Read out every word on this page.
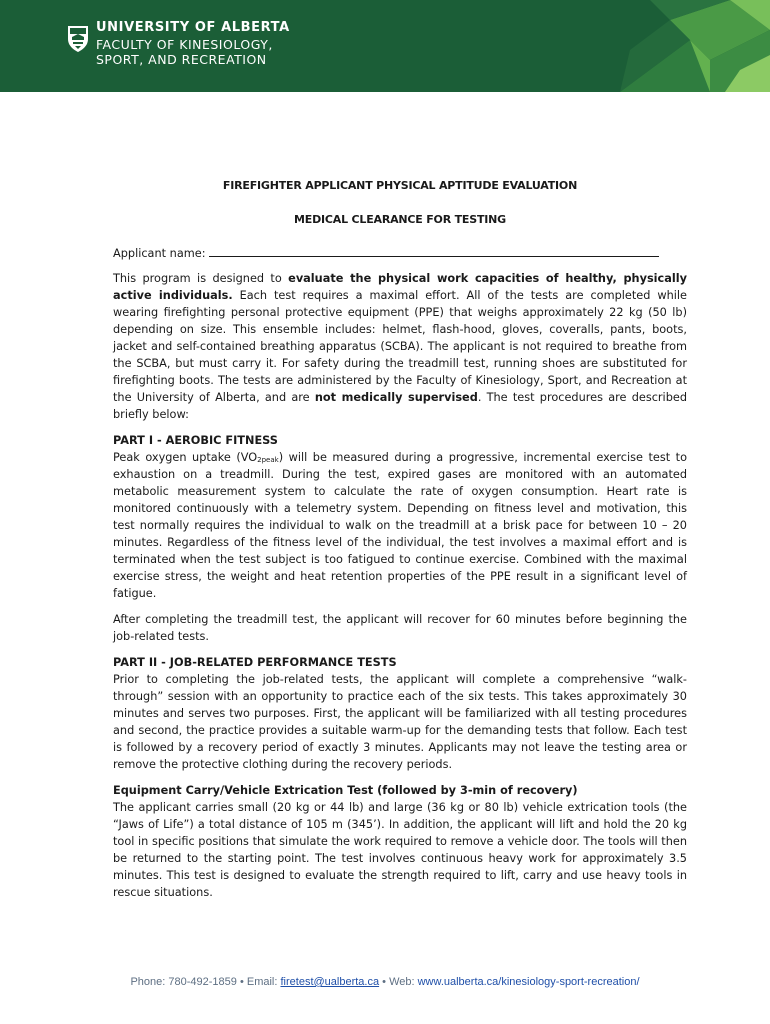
UNIVERSITY OF ALBERTA
FACULTY OF KINESIOLOGY,
SPORT, AND RECREATION
FIREFIGHTER APPLICANT PHYSICAL APTITUDE EVALUATION
MEDICAL CLEARANCE FOR TESTING
Applicant name:

This program is designed to evaluate the physical work capacities of healthy, physically active individuals. Each test requires a maximal effort. All of the tests are completed while wearing firefighting personal protective equipment (PPE) that weighs approximately 22 kg (50 lb) depending on size. This ensemble includes: helmet, flash-hood, gloves, coveralls, pants, boots, jacket and self-contained breathing apparatus (SCBA). The applicant is not required to breathe from the SCBA, but must carry it. For safety during the treadmill test, running shoes are substituted for firefighting boots. The tests are administered by the Faculty of Kinesiology, Sport, and Recreation at the University of Alberta, and are not medically supervised. The test procedures are described briefly below:

PART I - AEROBIC FITNESS

Peak oxygen uptake $(VO_{2peak})$ will be measured during a progressive, incremental exercise test to exhaustion on a treadmill. During the test, expired gases are monitored with an automated metabolic measurement system to calculate the rate of oxygen consumption. Heart rate is monitored continuously with a telemetry system. Depending on fitness level and motivation, this test normally requires the individual to walk on the treadmill at a brisk pace for between 10 – 20 minutes. Regardless of the fitness level of the individual, the test involves a maximal effort and is terminated when the test subject is too fatigued to continue exercise. Combined with the maximal exercise stress, the weight and heat retention properties of the PPE result in a significant level of fatigue.

After completing the treadmill test, the applicant will recover for 60 minutes before beginning the job-related tests.

PART II - JOB-RELATED PERFORMANCE TESTS

Prior to completing the job-related tests, the applicant will complete a comprehensive “walk-through” session with an opportunity to practice each of the six tests. This takes approximately 30 minutes and serves two purposes. First, the applicant will be familiarized with all testing procedures and second, the practice provides a suitable warm-up for the demanding tests that follow. Each test is followed by a recovery period of exactly 3 minutes. Applicants may not leave the testing area or remove the protective clothing during the recovery periods.

Equipment Carry/Vehicle Extrication Test (followed by 3-min of recovery)

The applicant carries small (20 kg or 44 lb) and large (36 kg or 80 lb) vehicle extrication tools (the “Jaws of Life”) a total distance of 105 m (345’). In addition, the applicant will lift and hold the 20 kg tool in specific positions that simulate the work required to remove a vehicle door. The tools will then be returned to the starting point. The test involves continuous heavy work for approximately 3.5 minutes. This test is designed to evaluate the strength required to lift, carry and use heavy tools in rescue situations.

Phone: 780-492-1859 • Email: firetest@ualberta.ca • Web: www.ualberta.ca/kinesiology-sport-recreation/
